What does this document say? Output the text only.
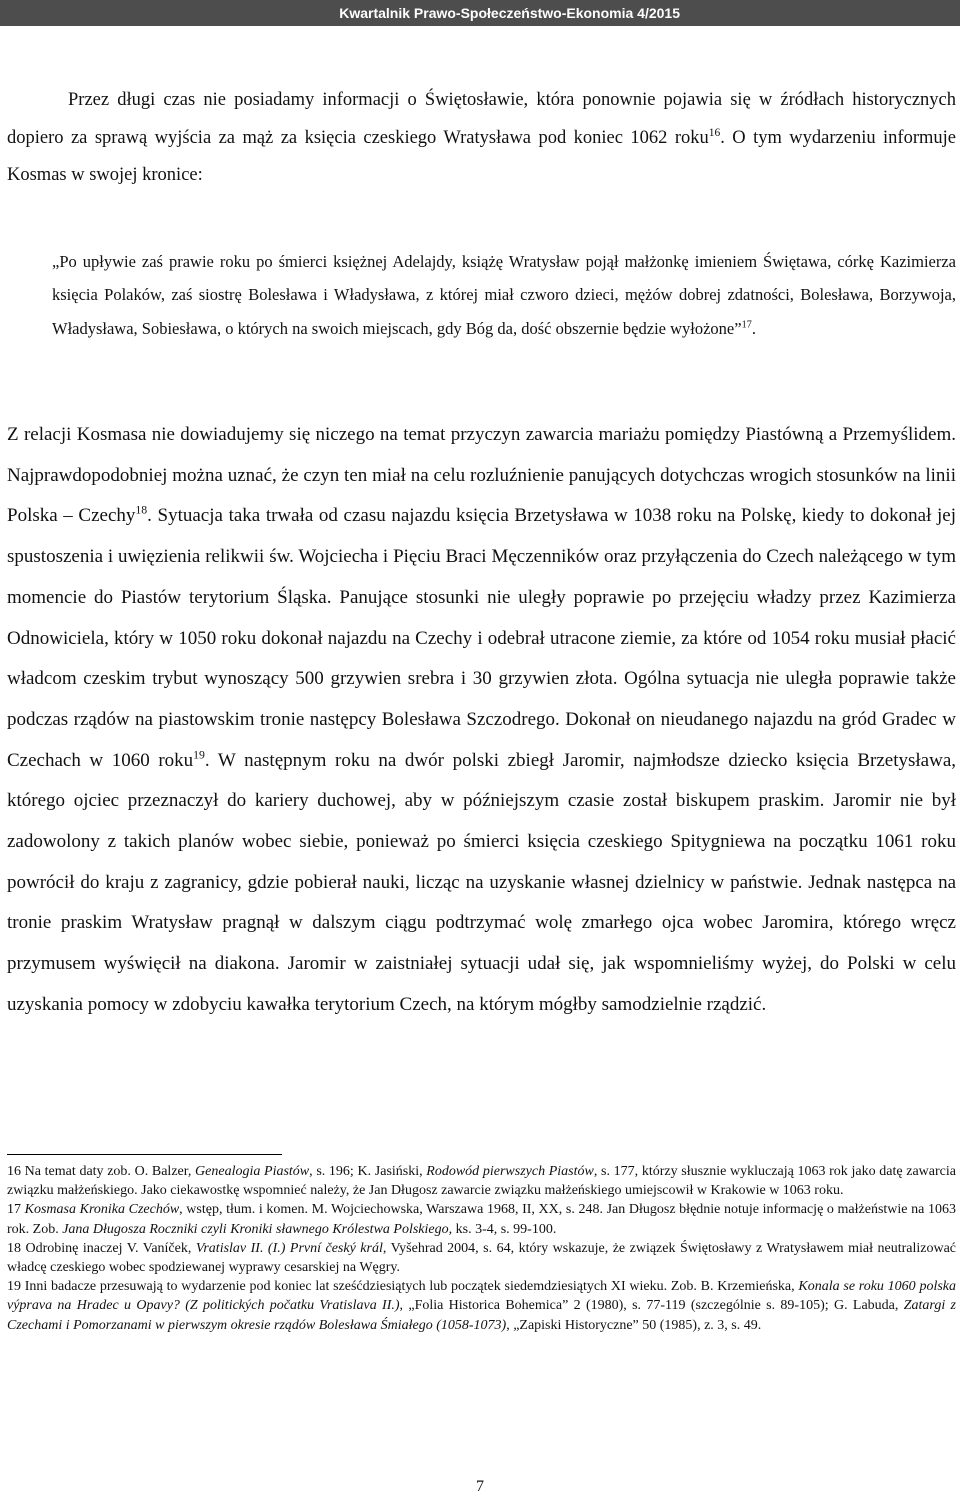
Kwartalnik Prawo-Społeczeństwo-Ekonomia 4/2015

Przez długi czas nie posiadamy informacji o Świętosławie, która ponownie pojawia się w źródłach historycznych dopiero za sprawą wyjścia za mąż za księcia czeskiego Wratysława pod koniec 1062 roku$^{16}$. O tym wydarzeniu informuje Kosmas w swojej kronice:

„Po upływie zaś prawie roku po śmierci księżnej Adelajdy, książę Wratysław pojął małżonkę imieniem Świętawa, córkę Kazimierza księcia Polaków, zaś siostrę Bolesława i Władysława, z której miał czworo dzieci, mężów dobrej zdatności, Bolesława, Borzywoja, Władysława, Sobiesława, o których na swoich miejscach, gdy Bóg da, dość obszernie będzie wyłożone”$^{17}$.

Z relacji Kosmasa nie dowiadujemy się niczego na temat przyczyn zawarcia mariażu pomiędzy Piastówną a Przemyślidem. Najprawdopodobniej można uznać, że czyn ten miał na celu rozluźnienie panujących dotychczas wrogich stosunków na linii Polska – Czechy$^{18}$. Sytuacja taka trwała od czasu najazdu księcia Brzetysława w 1038 roku na Polskę, kiedy to dokonał jej spustoszenia i uwięzienia relikwii św. Wojciecha i Pięciu Braci Męczenników oraz przyłączenia do Czech należącego w tym momencie do Piastów terytorium Śląska. Panujące stosunki nie uległy poprawie po przejęciu władzy przez Kazimierza Odnowiciela, który w 1050 roku dokonał najazdu na Czechy i odebrał utracone ziemie, za które od 1054 roku musiał płacić władcom czeskim trybut wynoszący 500 grzywien srebra i 30 grzywien złota. Ogólna sytuacja nie uległa poprawie także podczas rządów na piastowskim tronie następcy Bolesława Szczodrego. Dokonał on nieudanego najazdu na gród Gradec w Czechach w 1060 roku$^{19}$. W następnym roku na dwór polski zbiegł Jaromir, najmłodsze dziecko księcia Brzetysława, którego ojciec przeznaczył do kariery duchowej, aby w późniejszym czasie został biskupem praskim. Jaromir nie był zadowolony z takich planów wobec siebie, ponieważ po śmierci księcia czeskiego Spitygniewa na początku 1061 roku powrócił do kraju z zagranicy, gdzie pobierał nauki, licząc na uzyskanie własnej dzielnicy w państwie. Jednak następca na tronie praskim Wratysław pragnął w dalszym ciągu podtrzymać wolę zmarłego ojca wobec Jaromira, którego wręcz przymusem wyświęcił na diakona. Jaromir w zaistniałej sytuacji udał się, jak wspomnieliśmy wyżej, do Polski w celu uzyskania pomocy w zdobyciu kawałka terytorium Czech, na którym mógłby samodzielnie rządzić.

16 Na temat daty zob. O. Balzer, Genealogia Piastów, s. 196; K. Jasiński, Rodowód pierwszych Piastów, s. 177, którzy słusznie wykluczają 1063 rok jako datę zawarcia związku małżeńskiego. Jako ciekawostkę wspomnieć należy, że Jan Długosz zawarcie związku małżeńskiego umiejscowił w Krakowie w 1063 roku.

17 Kosmasa Kronika Czechów, wstęp, tłum. i komen. M. Wojciechowska, Warszawa 1968, II, XX, s. 248. Jan Długosz błędnie notuje informację o małżeństwie na 1063 rok. Zob. Jana Długosza Roczniki czyli Kroniki sławnego Królestwa Polskiego, ks. 3-4, s. 99-100.

18 Odrobinę inaczej V. Vaníček, Vratislav II. (I.) První český král, Vyšehrad 2004, s. 64, który wskazuje, że związek Świętosławy z Wratysławem miał neutralizować władcę czeskiego wobec spodziewanej wyprawy cesarskiej na Węgry.

19 Inni badacze przesuwają to wydarzenie pod koniec lat sześćdziesiątych lub początek siedemdziesiątych XI wieku. Zob. B. Krzemieńska, Konala se roku 1060 polska výprava na Hradec u Opavy? (Z politických počatku Vratislava II.), „Folia Historica Bohemica” 2 (1980), s. 77-119 (szczególnie s. 89-105); G. Labuda, Zatargi z Czechami i Pomorzanami w pierwszym okresie rządów Bolesława Śmiałego (1058-1073), „Zapiski Historyczne” 50 (1985), z. 3, s. 49.

7
